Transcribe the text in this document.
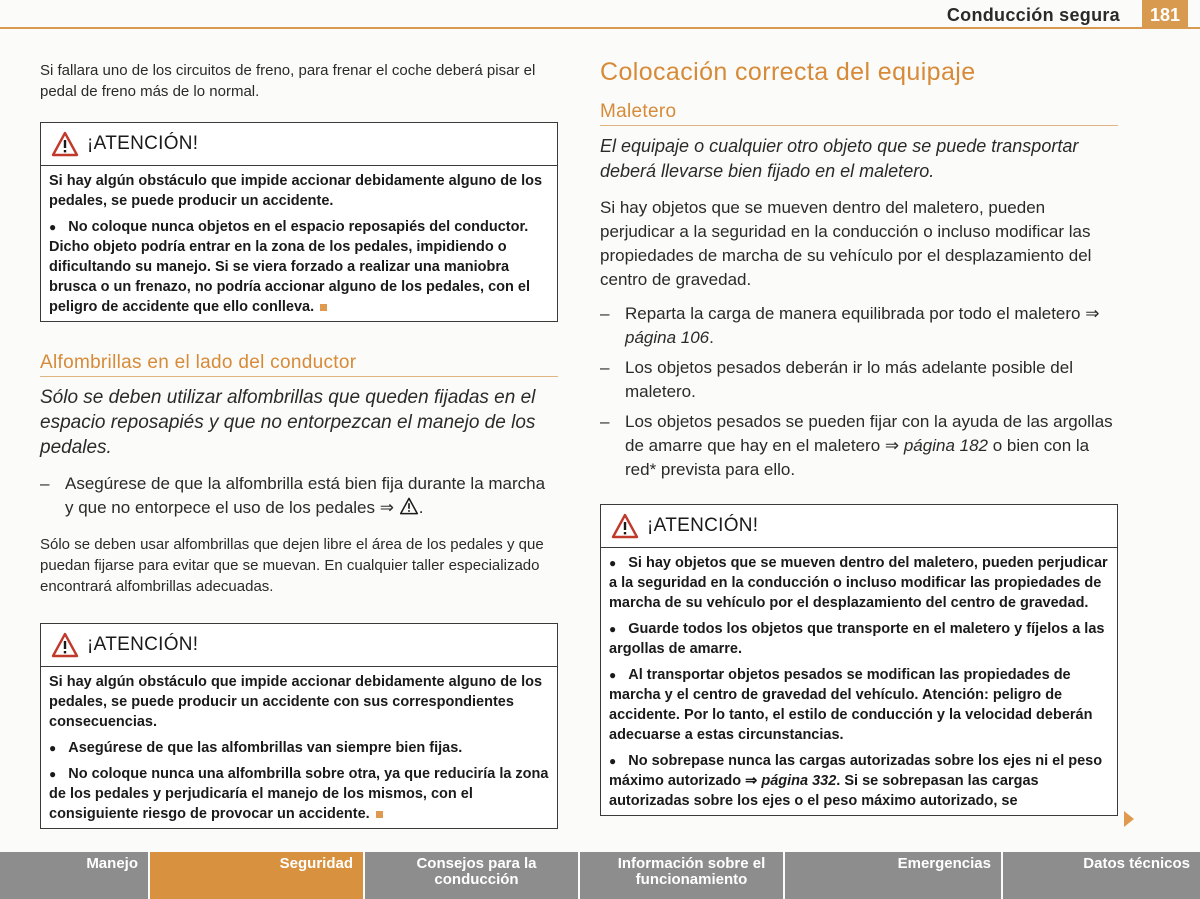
Conducción segura	181

Si fallara uno de los circuitos de freno, para frenar el coche deberá pisar el pedal de freno más de lo normal.

¡ATENCIÓN!

Si hay algún obstáculo que impide accionar debidamente alguno de los pedales, se puede producir un accidente.

● No coloque nunca objetos en el espacio reposapiés del conductor. Dicho objeto podría entrar en la zona de los pedales, impidiendo o dificultando su manejo. Si se viera forzado a realizar una maniobra brusca o un frenazo, no podría accionar alguno de los pedales, con el peligro de accidente que ello conlleva.

Alfombrillas en el lado del conductor

Sólo se deben utilizar alfombrillas que queden fijadas en el espacio reposapiés y que no entorpezcan el manejo de los pedales.

– Asegúrese de que la alfombrilla está bien fija durante la marcha y que no entorpece el uso de los pedales ⇒ .

Sólo se deben usar alfombrillas que dejen libre el área de los pedales y que puedan fijarse para evitar que se muevan. En cualquier taller especializado encontrará alfombrillas adecuadas.

¡ATENCIÓN!

Si hay algún obstáculo que impide accionar debidamente alguno de los pedales, se puede producir un accidente con sus correspondientes consecuencias.

● Asegúrese de que las alfombrillas van siempre bien fijas.

● No coloque nunca una alfombrilla sobre otra, ya que reduciría la zona de los pedales y perjudicaría el manejo de los mismos, con el consiguiente riesgo de provocar un accidente.

Colocación correcta del equipaje
Maletero

El equipaje o cualquier otro objeto que se puede transportar deberá llevarse bien fijado en el maletero.

Si hay objetos que se mueven dentro del maletero, pueden perjudicar a la seguridad en la conducción o incluso modificar las propiedades de marcha de su vehículo por el desplazamiento del centro de gravedad.

– Reparta la carga de manera equilibrada por todo el maletero ⇒ página 106.
– Los objetos pesados deberán ir lo más adelante posible del maletero.
– Los objetos pesados se pueden fijar con la ayuda de las argollas de amarre que hay en el maletero ⇒ página 182 o bien con la red* prevista para ello.
¡ATENCIÓN!

● Si hay objetos que se mueven dentro del maletero, pueden perjudicar a la seguridad en la conducción o incluso modificar las propiedades de marcha de su vehículo por el desplazamiento del centro de gravedad.

● Guarde todos los objetos que transporte en el maletero y fíjelos a las argollas de amarre.

● Al transportar objetos pesados se modifican las propiedades de marcha y el centro de gravedad del vehículo. Atención: peligro de accidente. Por lo tanto, el estilo de conducción y la velocidad deberán adecuarse a estas circunstancias.

● No sobrepase nunca las cargas autorizadas sobre los ejes ni el peso máximo autorizado ⇒ página 332. Si se sobrepasan las cargas autorizadas sobre los ejes o el peso máximo autorizado, se

Manejo	Seguridad	Consejos para la conducción
Información sobre el funcionamiento
Emergencias	Datos técnicos
